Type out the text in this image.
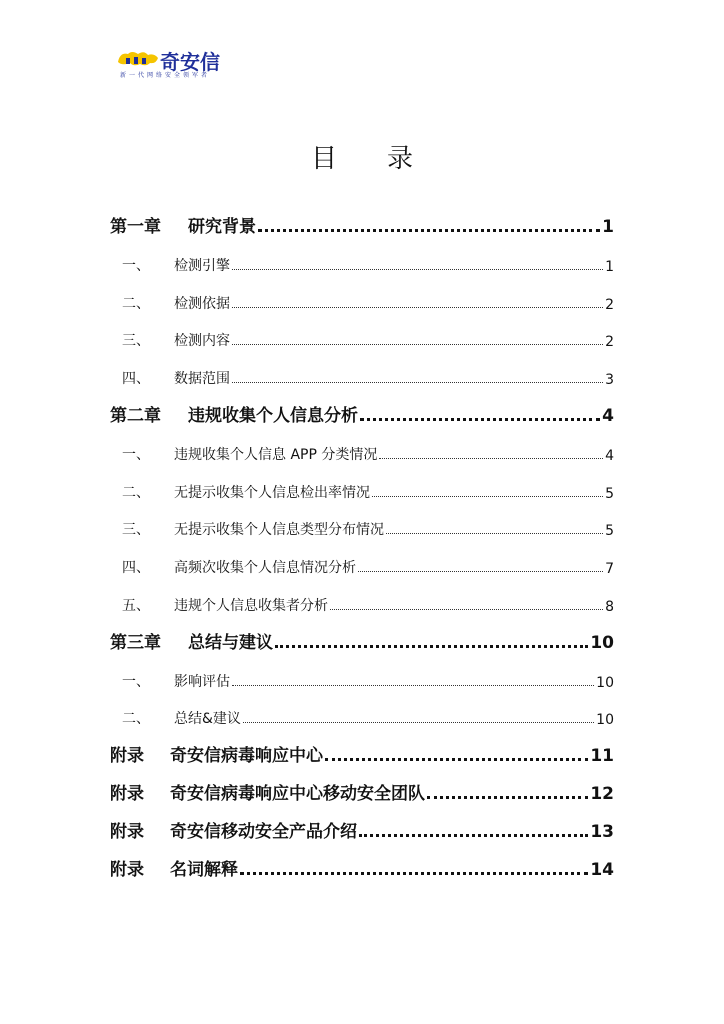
奇安信
新一代网络安全领军者
目录
第一章	研究背景	1
一、	检测引擎	1
二、	检测依据	2
三、	检测内容	2
四、	数据范围	3
第二章	违规收集个人信息分析	4
一、	违规收集个人信息 APP 分类情况	4
二、	无提示收集个人信息检出率情况	5
三、	无提示收集个人信息类型分布情况	5
四、	高频次收集个人信息情况分析	7
五、	违规个人信息收集者分析	8
第三章	总结与建议	10
一、	影响评估	10
二、	总结&建议	10
附录	奇安信病毒响应中心	11
附录	奇安信病毒响应中心移动安全团队	12
附录	奇安信移动安全产品介绍	13
附录	名词解释	14
